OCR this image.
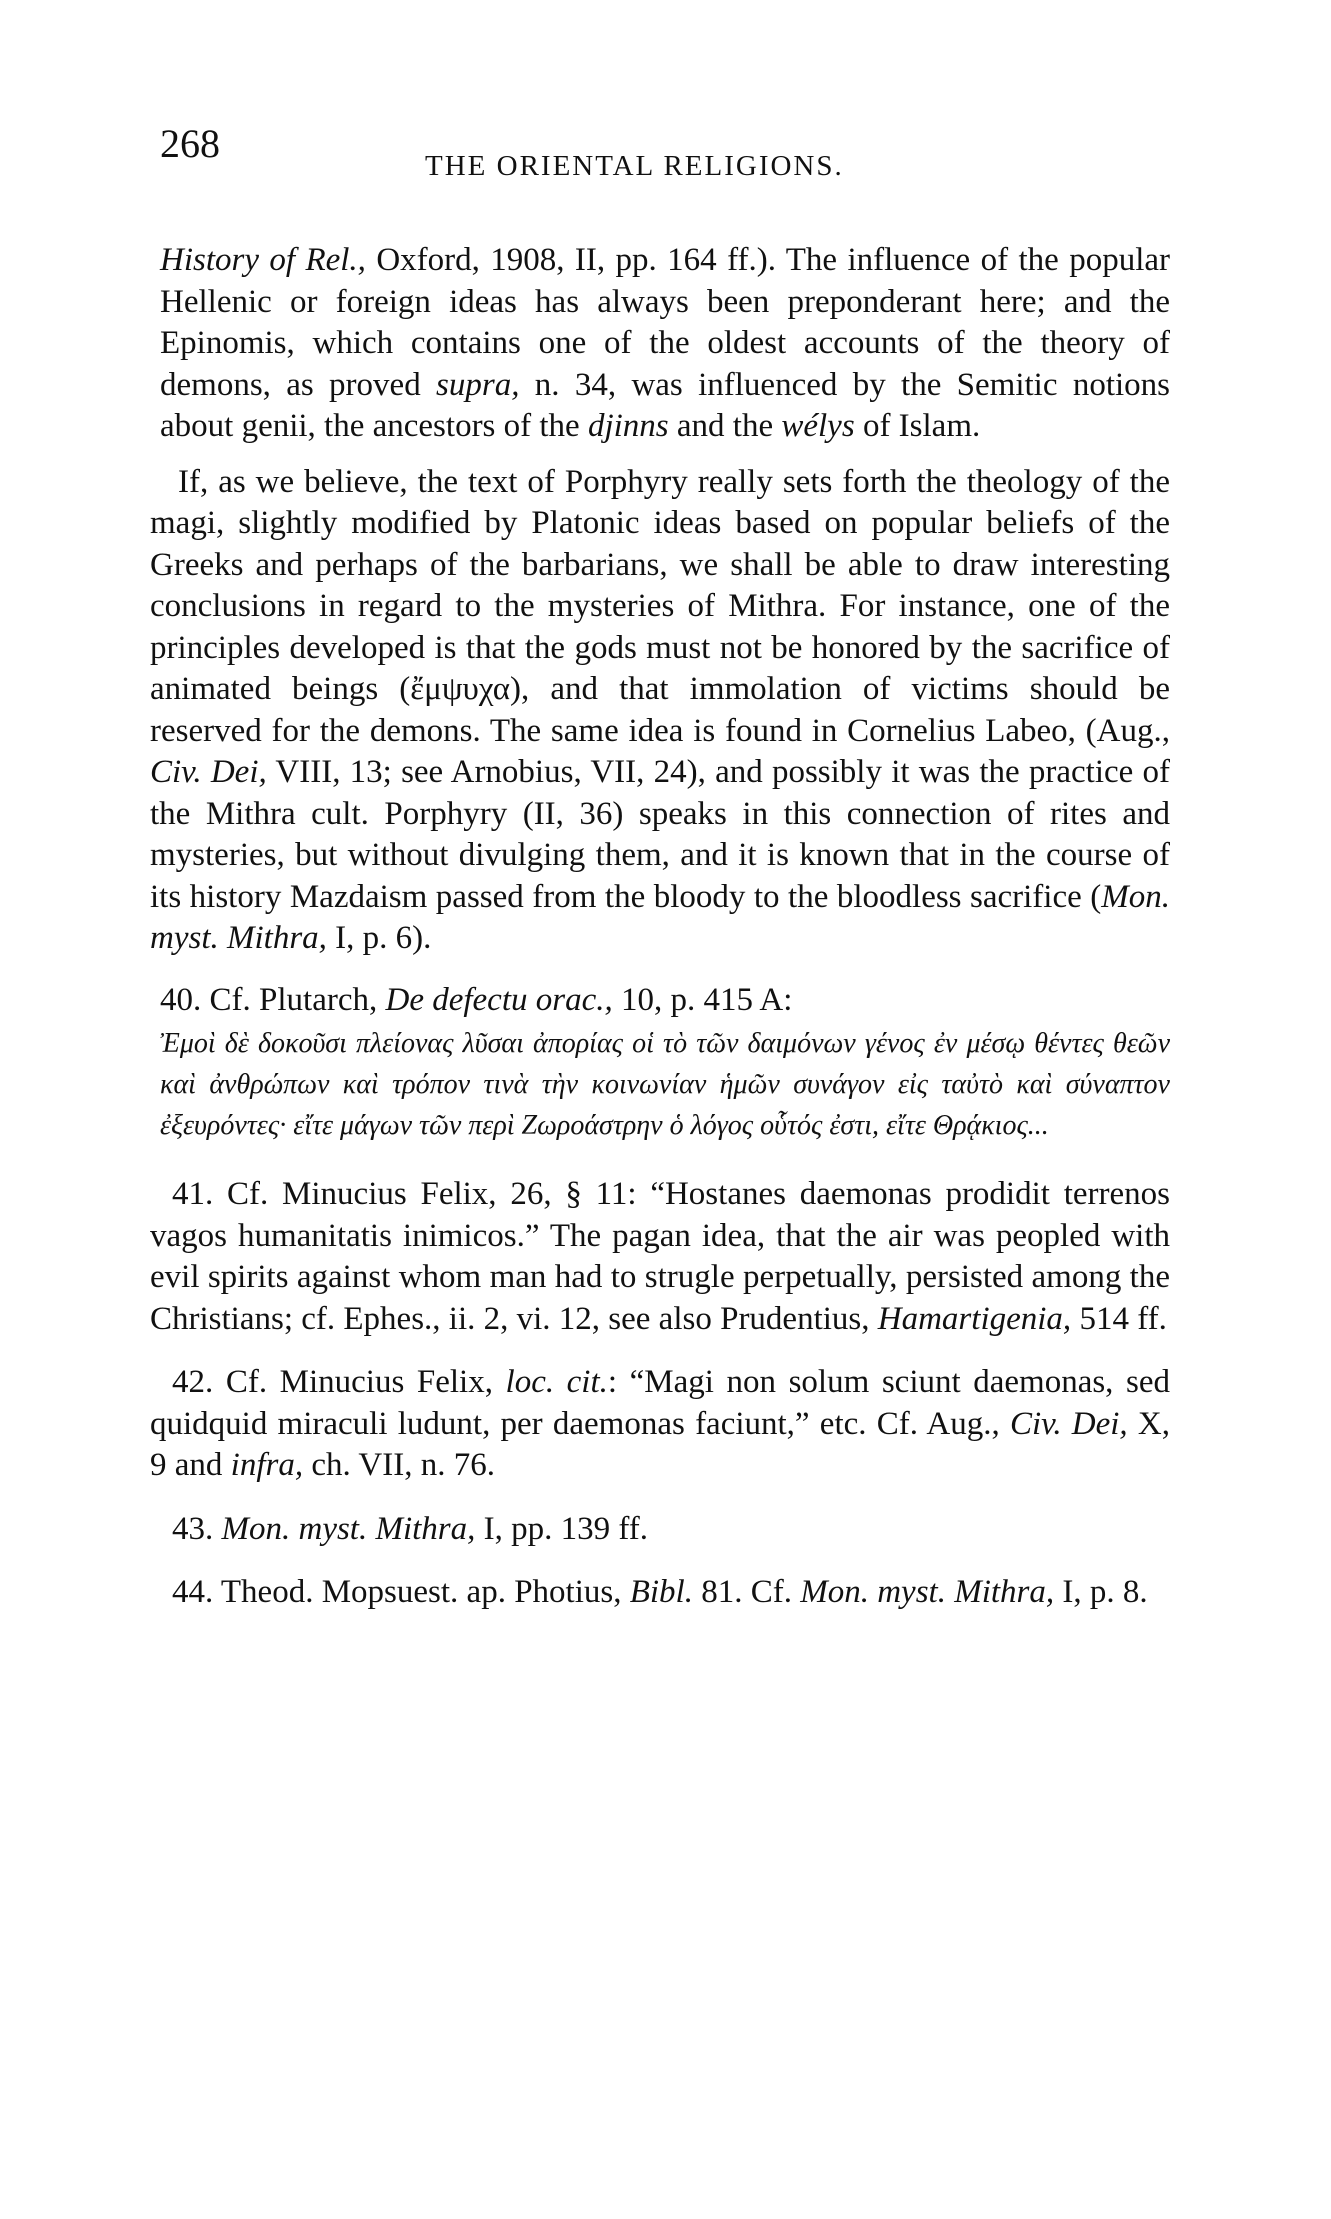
268	THE ORIENTAL RELIGIONS.

History of Rel., Oxford, 1908, II, pp. 164 ff.). The influence of the popular Hellenic or foreign ideas has always been preponderant here; and the Epinomis, which contains one of the oldest accounts of the theory of demons, as proved supra, n. 34, was influenced by the Semitic notions about genii, the ancestors of the djinns and the wélys of Islam.

If, as we believe, the text of Porphyry really sets forth the theology of the magi, slightly modified by Platonic ideas based on popular beliefs of the Greeks and perhaps of the barbarians, we shall be able to draw interesting conclusions in regard to the mysteries of Mithra. For instance, one of the principles developed is that the gods must not be honored by the sacrifice of animated beings (ἔμψυχα), and that immolation of victims should be reserved for the demons. The same idea is found in Cornelius Labeo, (Aug., Civ. Dei, VIII, 13; see Arnobius, VII, 24), and possibly it was the practice of the Mithra cult. Porphyry (II, 36) speaks in this connection of rites and mysteries, but without divulging them, and it is known that in the course of its history Mazdaism passed from the bloody to the bloodless sacrifice (Mon. myst. Mithra, I, p. 6).

40. Cf. Plutarch, De defectu orac., 10, p. 415 A:

Ἐμοὶ δὲ δοκοῦσι πλείονας λῦσαι ἀπορίας οἱ τὸ τῶν δαιμόνων γένος ἐν μέσῳ θέντες θεῶν καὶ ἀνθρώπων καὶ τρόπον τινὰ τὴν κοινωνίαν ἡμῶν συνάγον εἰς ταὐτὸ καὶ σύναπτον ἐξευρόντες· εἴτε μάγων τῶν περὶ Ζωροάστρην ὁ λόγος οὗτός ἐστι, εἴτε Θρᾴκιος...

41. Cf. Minucius Felix, 26, § 11: “Hostanes daemonas prodidit terrenos vagos humanitatis inimicos.” The pagan idea, that the air was peopled with evil spirits against whom man had to strugle perpetually, persisted among the Christians; cf. Ephes., ii. 2, vi. 12, see also Prudentius, Hamartigenia, 514 ff.

42. Cf. Minucius Felix, loc. cit.: “Magi non solum sciunt daemonas, sed quidquid miraculi ludunt, per daemonas faciunt,” etc. Cf. Aug., Civ. Dei, X, 9 and infra, ch. VII, n. 76.

43. Mon. myst. Mithra, I, pp. 139 ff.

44. Theod. Mopsuest. ap. Photius, Bibl. 81. Cf. Mon. myst. Mithra, I, p. 8.
